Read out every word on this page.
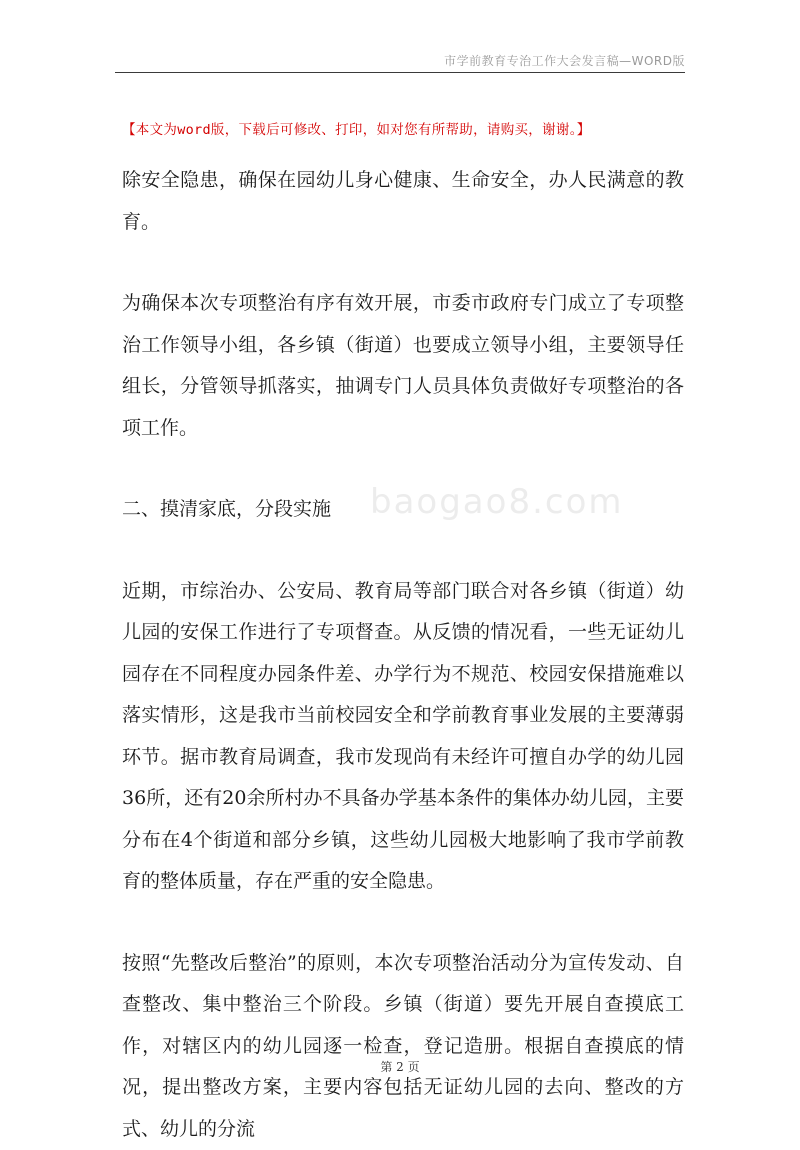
市学前教育专治工作大会发言稿—WORD版
【本文为word版，下载后可修改、打印，如对您有所帮助，请购买，谢谢。】
baogao8.com

除安全隐患，确保在园幼儿身心健康、生命安全，办人民满意的教育。

为确保本次专项整治有序有效开展，市委市政府专门成立了专项整治工作领导小组，各乡镇（街道）也要成立领导小组，主要领导任组长，分管领导抓落实，抽调专门人员具体负责做好专项整治的各项工作。

二、摸清家底，分段实施

近期，市综治办、公安局、教育局等部门联合对各乡镇（街道）幼儿园的安保工作进行了专项督查。从反馈的情况看，一些无证幼儿园存在不同程度办园条件差、办学行为不规范、校园安保措施难以落实情形，这是我市当前校园安全和学前教育事业发展的主要薄弱环节。据市教育局调查，我市发现尚有未经许可擅自办学的幼儿园36所，还有20余所村办不具备办学基本条件的集体办幼儿园，主要分布在4个街道和部分乡镇，这些幼儿园极大地影响了我市学前教育的整体质量，存在严重的安全隐患。

按照“先整改后整治”的原则，本次专项整治活动分为宣传发动、自查整改、集中整治三个阶段。乡镇（街道）要先开展自查摸底工作，对辖区内的幼儿园逐一检查，登记造册。根据自查摸底的情况，提出整改方案，主要内容包括无证幼儿园的去向、整改的方式、幼儿的分流

第 2 页
